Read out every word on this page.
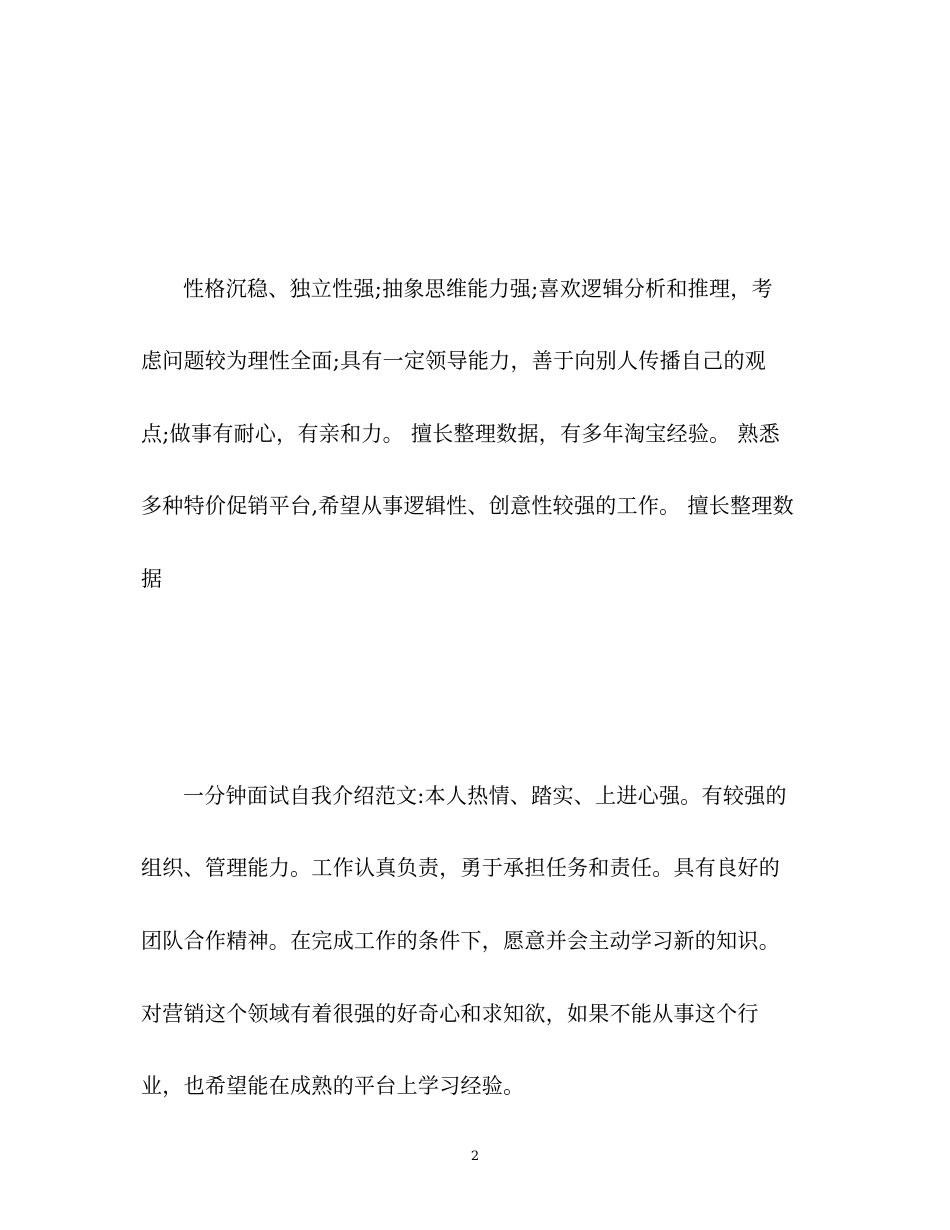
性格沉稳、独立性强;抽象思维能力强;喜欢逻辑分析和推理，考

虑问题较为理性全面;具有一定领导能力，善于向别人传播自己的观

点;做事有耐心，有亲和力。 擅长整理数据，有多年淘宝经验。 熟悉

多种特价促销平台,希望从事逻辑性、创意性较强的工作。 擅长整理数

据

一分钟面试自我介绍范文:本人热情、踏实、上进心强。有较强的

组织、管理能力。工作认真负责，勇于承担任务和责任。具有良好的

团队合作精神。在完成工作的条件下，愿意并会主动学习新的知识。

对营销这个领域有着很强的好奇心和求知欲，如果不能从事这个行

业，也希望能在成熟的平台上学习经验。

2
